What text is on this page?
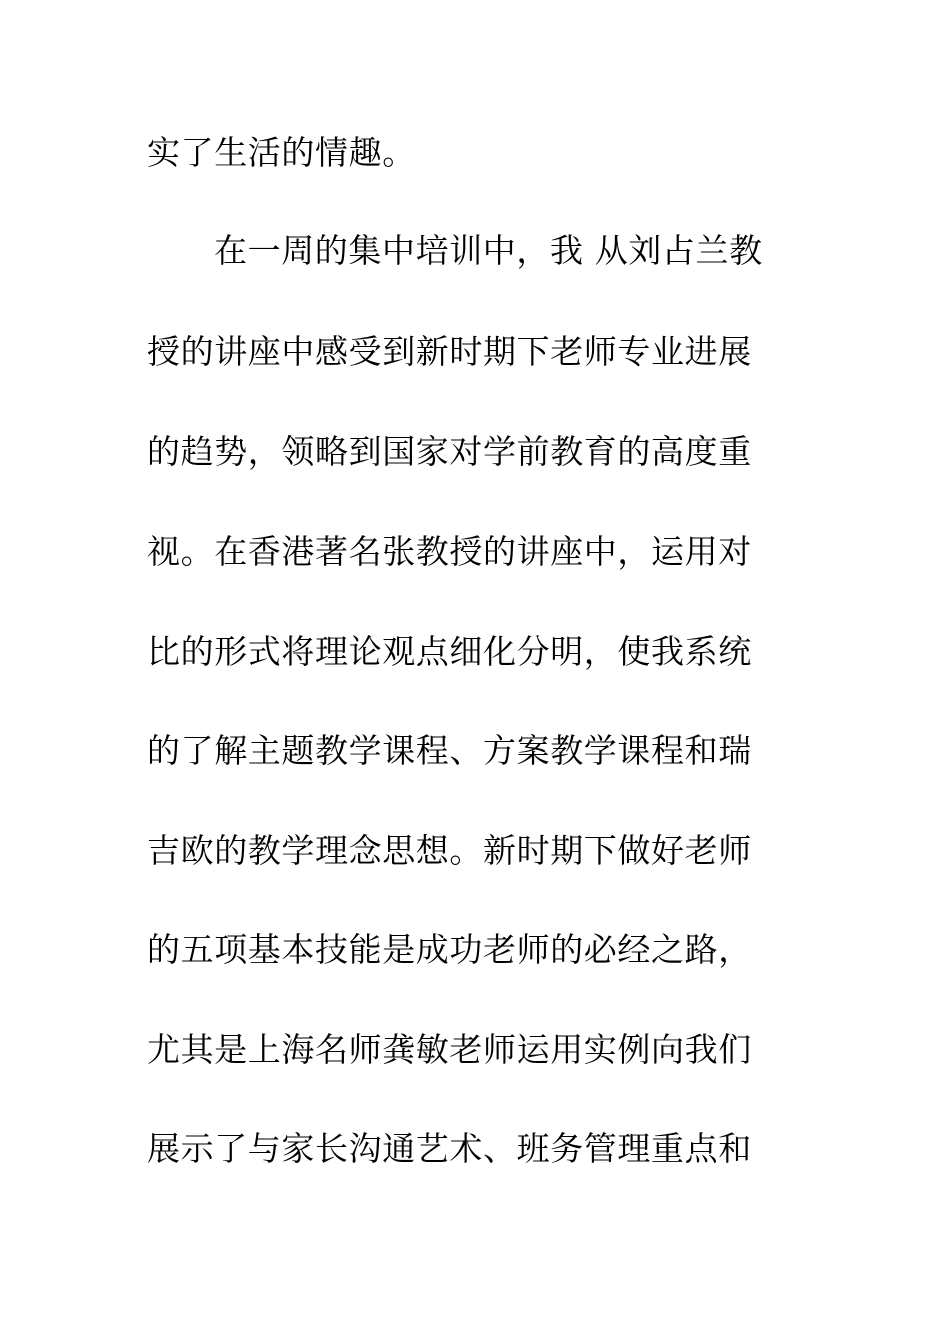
实了生活的情趣。
在一周的集中培训中，我 从刘占兰教
授的讲座中感受到新时期下老师专业进展
的趋势，领略到国家对学前教育的高度重
视。在香港著名张教授的讲座中，运用对
比的形式将理论观点细化分明，使我系统
的了解主题教学课程、方案教学课程和瑞
吉欧的教学理念思想。新时期下做好老师
的五项基本技能是成功老师的必经之路，
尤其是上海名师龚敏老师运用实例向我们
展示了与家长沟通艺术、班务管理重点和
